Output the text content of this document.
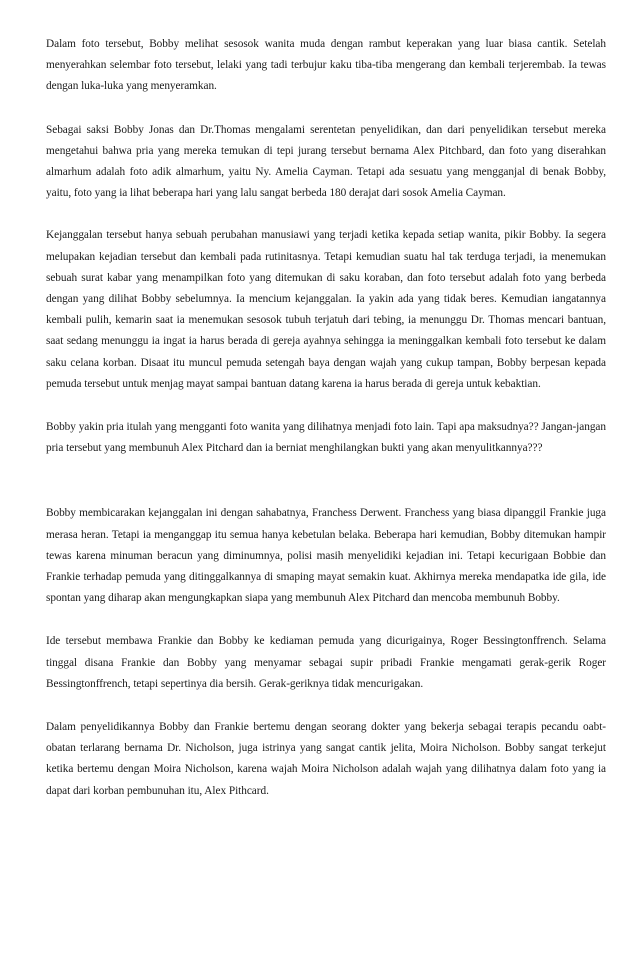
Dalam foto tersebut, Bobby melihat sesosok wanita muda dengan rambut keperakan yang luar biasa cantik. Setelah menyerahkan selembar foto tersebut, lelaki yang tadi terbujur kaku tiba-tiba mengerang dan kembali terjerembab. Ia tewas dengan luka-luka yang menyeramkan.

Sebagai saksi Bobby Jonas dan Dr.Thomas mengalami serentetan penyelidikan, dan dari penyelidikan tersebut mereka mengetahui bahwa pria yang mereka temukan di tepi jurang tersebut bernama Alex Pitchbard, dan foto yang diserahkan almarhum adalah foto adik almarhum, yaitu Ny. Amelia Cayman. Tetapi ada sesuatu yang mengganjal di benak Bobby, yaitu, foto yang ia lihat beberapa hari yang lalu sangat berbeda 180 derajat dari sosok Amelia Cayman.

Kejanggalan tersebut hanya sebuah perubahan manusiawi yang terjadi ketika kepada setiap wanita, pikir Bobby. Ia segera melupakan kejadian tersebut dan kembali pada rutinitasnya. Tetapi kemudian suatu hal tak terduga terjadi, ia menemukan sebuah surat kabar yang menampilkan foto yang ditemukan di saku koraban, dan foto tersebut adalah foto yang berbeda dengan yang dilihat Bobby sebelumnya. Ia mencium kejanggalan. Ia yakin ada yang tidak beres. Kemudian iangatannya kembali pulih, kemarin saat ia menemukan sesosok tubuh terjatuh dari tebing, ia menunggu Dr. Thomas mencari bantuan, saat sedang menunggu ia ingat ia harus berada di gereja ayahnya sehingga ia meninggalkan kembali foto tersebut ke dalam saku celana korban. Disaat itu muncul pemuda setengah baya dengan wajah yang cukup tampan, Bobby berpesan kepada pemuda tersebut untuk menjag mayat sampai bantuan datang karena ia harus berada di gereja untuk kebaktian.

Bobby yakin pria itulah yang mengganti foto wanita yang dilihatnya menjadi foto lain. Tapi apa maksudnya?? Jangan-jangan pria tersebut yang membunuh Alex Pitchard dan ia berniat menghilangkan bukti yang akan menyulitkannya???

Bobby membicarakan kejanggalan ini dengan sahabatnya, Franchess Derwent. Franchess yang biasa dipanggil Frankie juga merasa heran. Tetapi ia menganggap itu semua hanya kebetulan belaka. Beberapa hari kemudian, Bobby ditemukan hampir tewas karena minuman beracun yang diminumnya, polisi masih menyelidiki kejadian ini. Tetapi kecurigaan Bobbie dan Frankie terhadap pemuda yang ditinggalkannya di smaping mayat semakin kuat. Akhirnya mereka mendapatka ide gila, ide spontan yang diharap akan mengungkapkan siapa yang membunuh Alex Pitchard dan mencoba membunuh Bobby.

Ide tersebut membawa Frankie dan Bobby ke kediaman pemuda yang dicurigainya, Roger Bessingtonffrench. Selama tinggal disana Frankie dan Bobby yang menyamar sebagai supir pribadi Frankie mengamati gerak-gerik Roger Bessingtonffrench, tetapi sepertinya dia bersih. Gerak-geriknya tidak mencurigakan.

Dalam penyelidikannya Bobby dan Frankie bertemu dengan seorang dokter yang bekerja sebagai terapis pecandu oabt-obatan terlarang bernama Dr. Nicholson, juga istrinya yang sangat cantik jelita, Moira Nicholson. Bobby sangat terkejut ketika bertemu dengan Moira Nicholson, karena wajah Moira Nicholson adalah wajah yang dilihatnya dalam foto yang ia dapat dari korban pembunuhan itu, Alex Pithcard.
